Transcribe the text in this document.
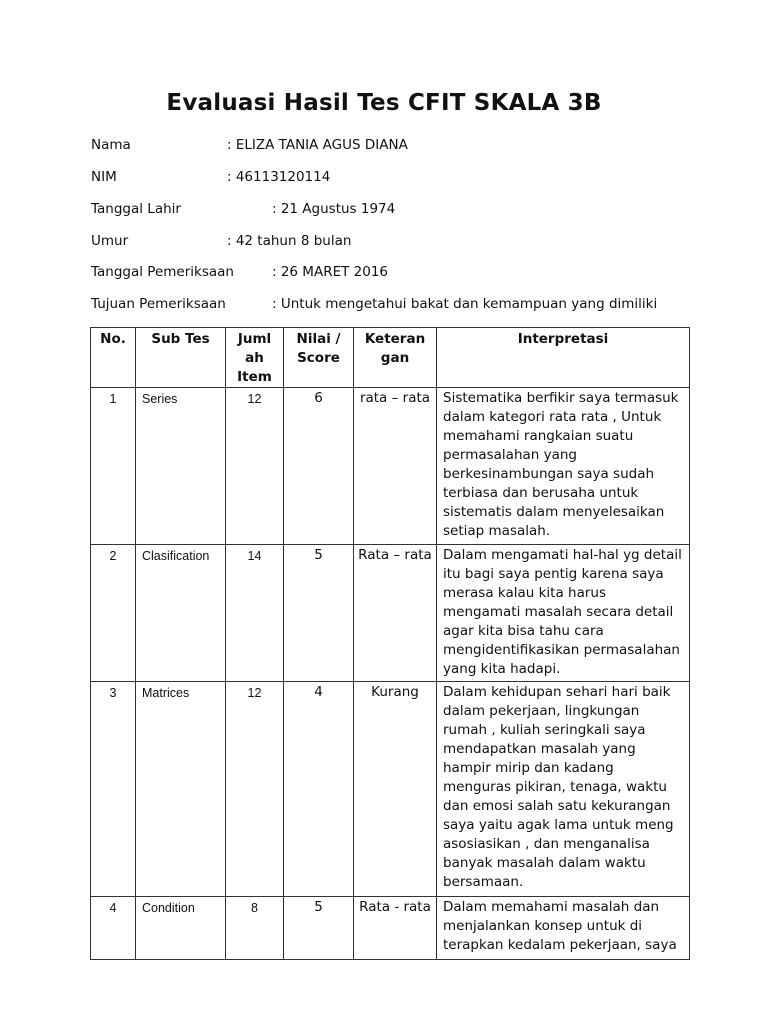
Evaluasi Hasil Tes CFIT SKALA 3B
Nama	: ELIZA TANIA AGUS DIANA
NIM	: 46113120114
Tanggal Lahir	: 21 Agustus 1974
Umur	: 42 tahun 8 bulan
Tanggal Pemeriksaan	: 26 MARET 2016
Tujuan Pemeriksaan	: Untuk mengetahui bakat dan kemampuan yang dimiliki
No.	Sub Tes	Juml ah Item	Nilai / Score	Keteran gan	Interpretasi
1	Series	12	6	rata – rata	Sistematika berfikir saya termasuk dalam kategori rata rata , Untuk memahami rangkaian suatu permasalahan yang berkesinambungan saya sudah terbiasa dan berusaha untuk sistematis dalam menyelesaikan setiap masalah.
2	Clasification	14	5	Rata – rata	Dalam mengamati hal-hal yg detail itu bagi saya pentig karena saya merasa kalau kita harus mengamati masalah secara detail agar kita bisa tahu cara mengidentifikasikan permasalahan yang kita hadapi.
3	Matrices	12	4	Kurang	Dalam kehidupan sehari hari baik dalam pekerjaan, lingkungan rumah , kuliah seringkali saya mendapatkan masalah yang hampir mirip dan kadang menguras pikiran, tenaga, waktu dan emosi salah satu kekurangan saya yaitu agak lama untuk meng asosiasikan , dan menganalisa banyak masalah dalam waktu bersamaan.
4	Condition	8	5	Rata - rata	Dalam memahami masalah dan menjalankan konsep untuk di terapkan kedalam pekerjaan, saya
